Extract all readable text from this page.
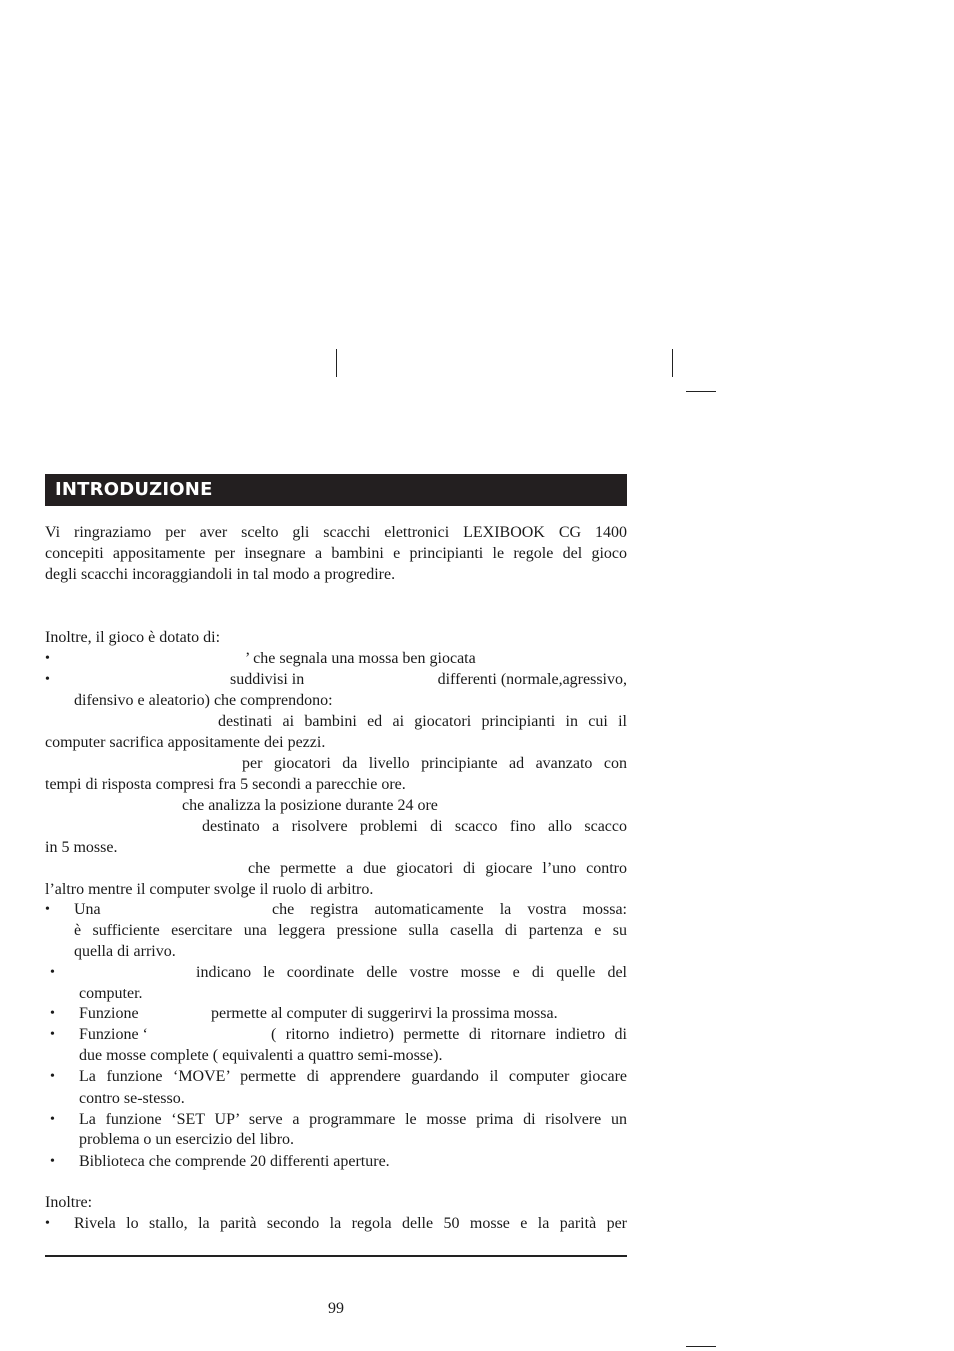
INTRODUZIONE
Vi ringraziamo per aver scelto gli scacchi elettronici LEXIBOOK CG 1400
concepiti appositamente per insegnare a bambini e principianti le regole del gioco
degli scacchi incoraggiandoli in tal modo a progredire.
Inoltre, il gioco è dotato di:
•	’ che segnala una mossa ben giocata
•	suddivisi in	differenti (normale,agressivo,
difensivo e aleatorio) che comprendono:
destinati ai bambini ed ai giocatori principianti in cui il
computer sacrifica appositamente dei pezzi.
per giocatori da livello principiante ad avanzato con
tempi di risposta compresi fra 5 secondi a parecchie ore.
che analizza la posizione durante 24 ore
destinato a risolvere problemi di scacco fino allo scacco
in 5 mosse.
che permette a due giocatori di giocare l’uno contro
l’altro mentre il computer svolge il ruolo di arbitro.
• Una	che registra automaticamente la vostra mossa:
è sufficiente esercitare una leggera pressione sulla casella di partenza e su
quella di arrivo.
•	indicano le coordinate delle vostre mosse e di quelle del
computer.
• Funzione	permette al computer di suggerirvi la prossima mossa.
• Funzione ‘	( ritorno indietro) permette di ritornare indietro di
due mosse complete ( equivalenti a quattro semi-mosse).
• La funzione ‘MOVE’ permette di apprendere guardando il computer giocare
contro se-stesso.
• La funzione ‘SET UP’ serve a programmare le mosse prima di risolvere un
problema o un esercizio del libro.
• Biblioteca che comprende 20 differenti aperture.
Inoltre:
• Rivela lo stallo, la parità secondo la regola delle 50 mosse e la parità per
99
